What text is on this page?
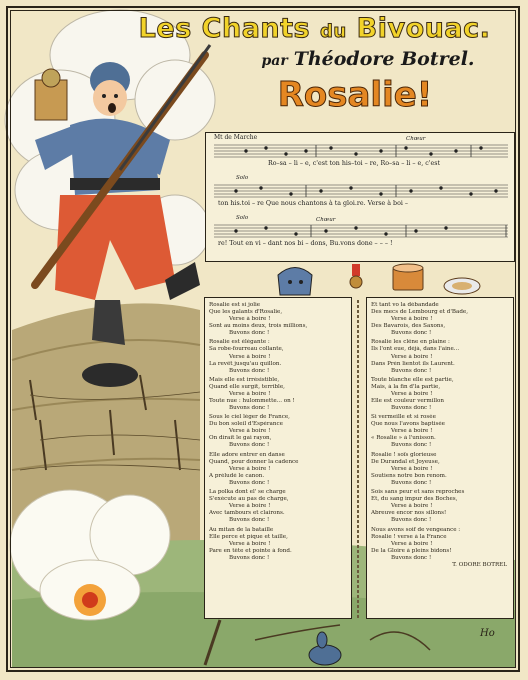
Les Chants du Bivouac.
par Théodore Botrel.
Rosalie!
Mt de Marche	Chœur
Ro–sa – li – e, c'est ton his–toi – re, Ro–sa – li – e, c'est
Solo
ton his.toi – re Que nous chantons à ta gloi.re. Verse à boi –
Solo	Chœur
re! Tout en vi – dant nos bi – dons, Bu.vons done – – – !
Rosalie est si jolie
Que les galants d'Rosalie,
Verse à boire !
Sont au moins deux, trois millions,
Buvons donc !
Rosalie est élégante :
Sa robe-fourreau collante,
Verse à boire !
La revêt jusqu'au quillon.
Buvons donc !
Mais elle est irrésistible,
Quand elle surgit, terrible,
Verse à boire !
Toute nue : hulommette... on !
Buvons donc !
Sous le ciel léger de France,
Du bon soleil d'Espérance
Verse à boire !
On dirait le gai rayon,
Buvons donc !
Elle adore entrer en danse
Quand, pour donner la cadence
Verse à boire !
A préludé le canon.
Buvons donc !
La polka dont el' se charge
S'exécute au pas de charge,
Verse à boire !
Avec tambours et clairons.
Buvons donc !
Au mitan de la bataille
Elle perce et pique et taille,
Verse à boire !
Pare en tête et pointe à fond.
Buvons donc !
Et tant vo la débandade
Des mecs de Lembourg et d'Bade,
Verse à boire !
Des Bavarois, des Saxons,
Buvons donc !
Rosalie les clêne en plaine :
Ils l'ont eue, déjà, dans l'aine...
Verse à boire !
Dans Prén lientot ils Laurent.
Buvons donc !
Toute blanche elle est partie,
Mais, à la fin d'la partie,
Verse à boire !
Elle est couleur vermillon
Buvons donc !
Si vermeille et si rosée
Que nous l'avons baptisée
Verse à boire !
« Rosalie » à l'unisson.
Buvons donc !
Rosalie ! soïs glorieuse
De Durandal et Joyeuse,
Verse à boire !
Soutiens notre bon renom.
Buvons donc !
Sois sans peur et sans reproches
Et, du sang impur des Boches,
Verse à boire !
Abreuve encor nos sillons!
Buvons donc !
Nous avons soif de vengeance :
Rosalie ! verse à la France
Verse à boire !
De la Gloire à pleins bidons!
Buvons donc !
T. ODORE BOTREL
Ho
